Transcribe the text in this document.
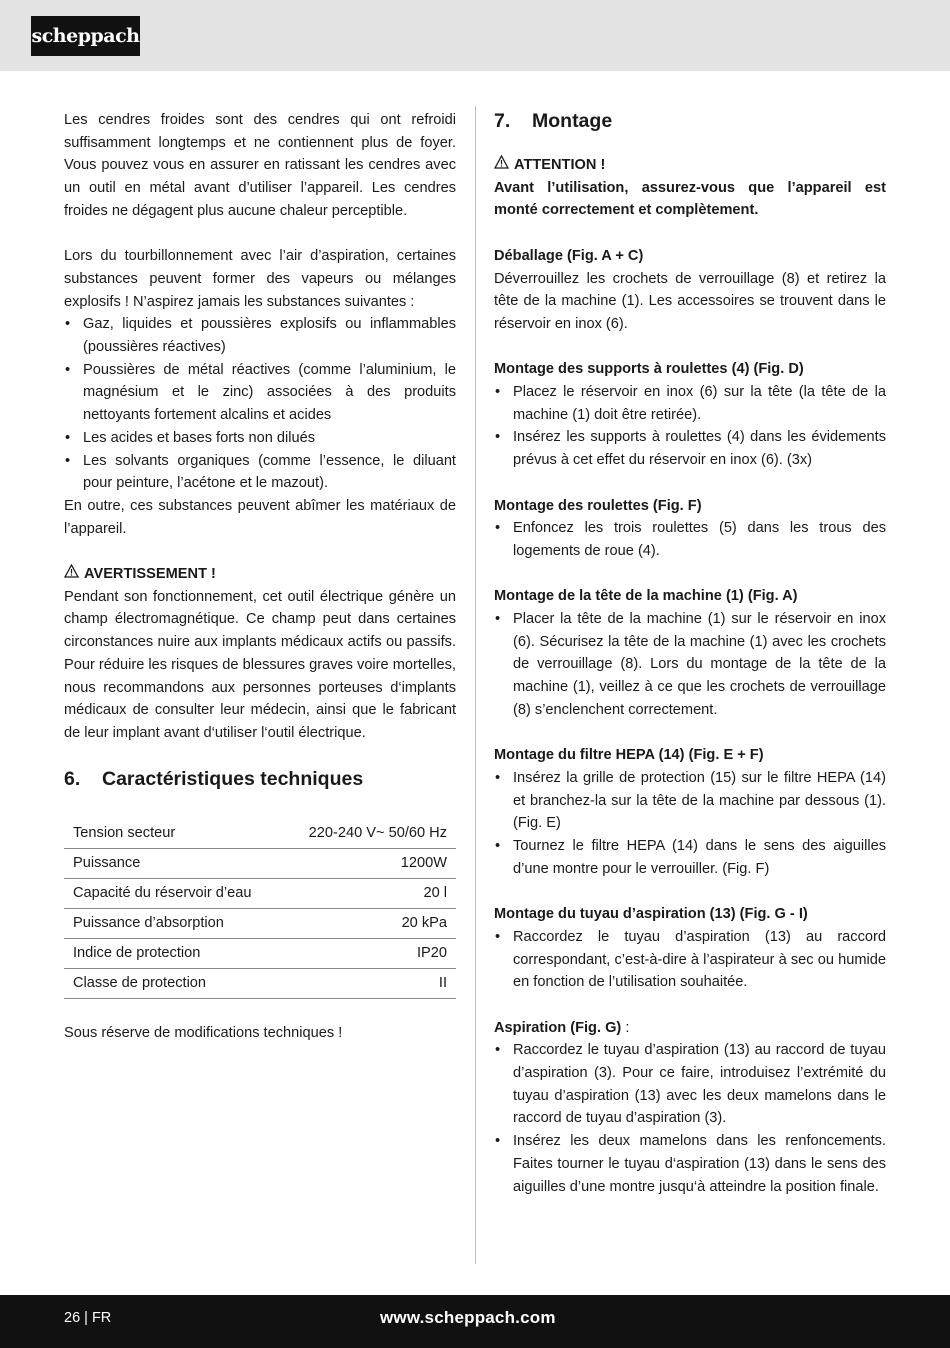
scheppach

Les cendres froides sont des cendres qui ont refroidi suffisamment longtemps et ne contiennent plus de foyer. Vous pouvez vous en assurer en ratissant les cendres avec un outil en métal avant d’utiliser l’appareil. Les cendres froides ne dégagent plus aucune chaleur perceptible.

Lors du tourbillonnement avec l’air d’aspiration, certaines substances peuvent former des vapeurs ou mélanges explosifs ! N’aspirez jamais les substances suivantes :

• Gaz, liquides et poussières explosifs ou inflammables (poussières réactives)
• Poussières de métal réactives (comme l’aluminium, le magnésium et le zinc) associées à des produits nettoyants fortement alcalins et acides
• Les acides et bases forts non dilués
• Les solvants organiques (comme l’essence, le diluant pour peinture, l’acétone et le mazout).

En outre, ces substances peuvent abîmer les matériaux de l’appareil.

AVERTISSEMENT !

Pendant son fonctionnement, cet outil électrique génère un champ électromagnétique. Ce champ peut dans certaines circonstances nuire aux implants médicaux actifs ou passifs. Pour réduire les risques de blessures graves voire mortelles, nous recommandons aux personnes porteuses d‘implants médicaux de consulter leur médecin, ainsi que le fabricant de leur implant avant d‘utiliser l‘outil électrique.

6.	Caractéristiques techniques
Tension secteur	220-240 V~ 50/60 Hz
Puissance	1200W
Capacité du réservoir d’eau	20 l
Puissance d’absorption	20 kPa
Indice de protection	IP20
Classe de protection	II

Sous réserve de modifications techniques !

7.	Montage

ATTENTION !

Avant l’utilisation, assurez-vous que l’appareil est monté correctement et complètement.

Déballage (Fig. A + C)

Déverrouillez les crochets de verrouillage (8) et retirez la tête de la machine (1). Les accessoires se trouvent dans le réservoir en inox (6).

Montage des supports à roulettes (4) (Fig. D)

• Placez le réservoir en inox (6) sur la tête (la tête de la machine (1) doit être retirée).
• Insérez les supports à roulettes (4) dans les évidements prévus à cet effet du réservoir en inox (6). (3x)

Montage des roulettes (Fig. F)

• Enfoncez les trois roulettes (5) dans les trous des logements de roue (4).

Montage de la tête de la machine (1) (Fig. A)

• Placer la tête de la machine (1) sur le réservoir en inox (6). Sécurisez la tête de la machine (1) avec les crochets de verrouillage (8). Lors du montage de la tête de la machine (1), veillez à ce que les crochets de verrouillage (8) s’enclenchent correctement.

Montage du filtre HEPA (14) (Fig. E + F)

• Insérez la grille de protection (15) sur le filtre HEPA (14) et branchez-la sur la tête de la machine par dessous (1). (Fig. E)
• Tournez le filtre HEPA (14) dans le sens des aiguilles d’une montre pour le verrouiller. (Fig. F)

Montage du tuyau d’aspiration (13) (Fig. G - I)

• Raccordez le tuyau d’aspiration (13) au raccord correspondant, c’est-à-dire à l’aspirateur à sec ou humide en fonction de l’utilisation souhaitée.

Aspiration (Fig. G) :

• Raccordez le tuyau d’aspiration (13) au raccord de tuyau d’aspiration (3). Pour ce faire, introduisez l’extrémité du tuyau d’aspiration (13) avec les deux mamelons dans le raccord de tuyau d’aspiration (3).
• Insérez les deux mamelons dans les renfoncements. Faites tourner le tuyau d‘aspiration (13) dans le sens des aiguilles d’une montre jusqu‘à atteindre la position finale.
26 | FR	www.scheppach.com
